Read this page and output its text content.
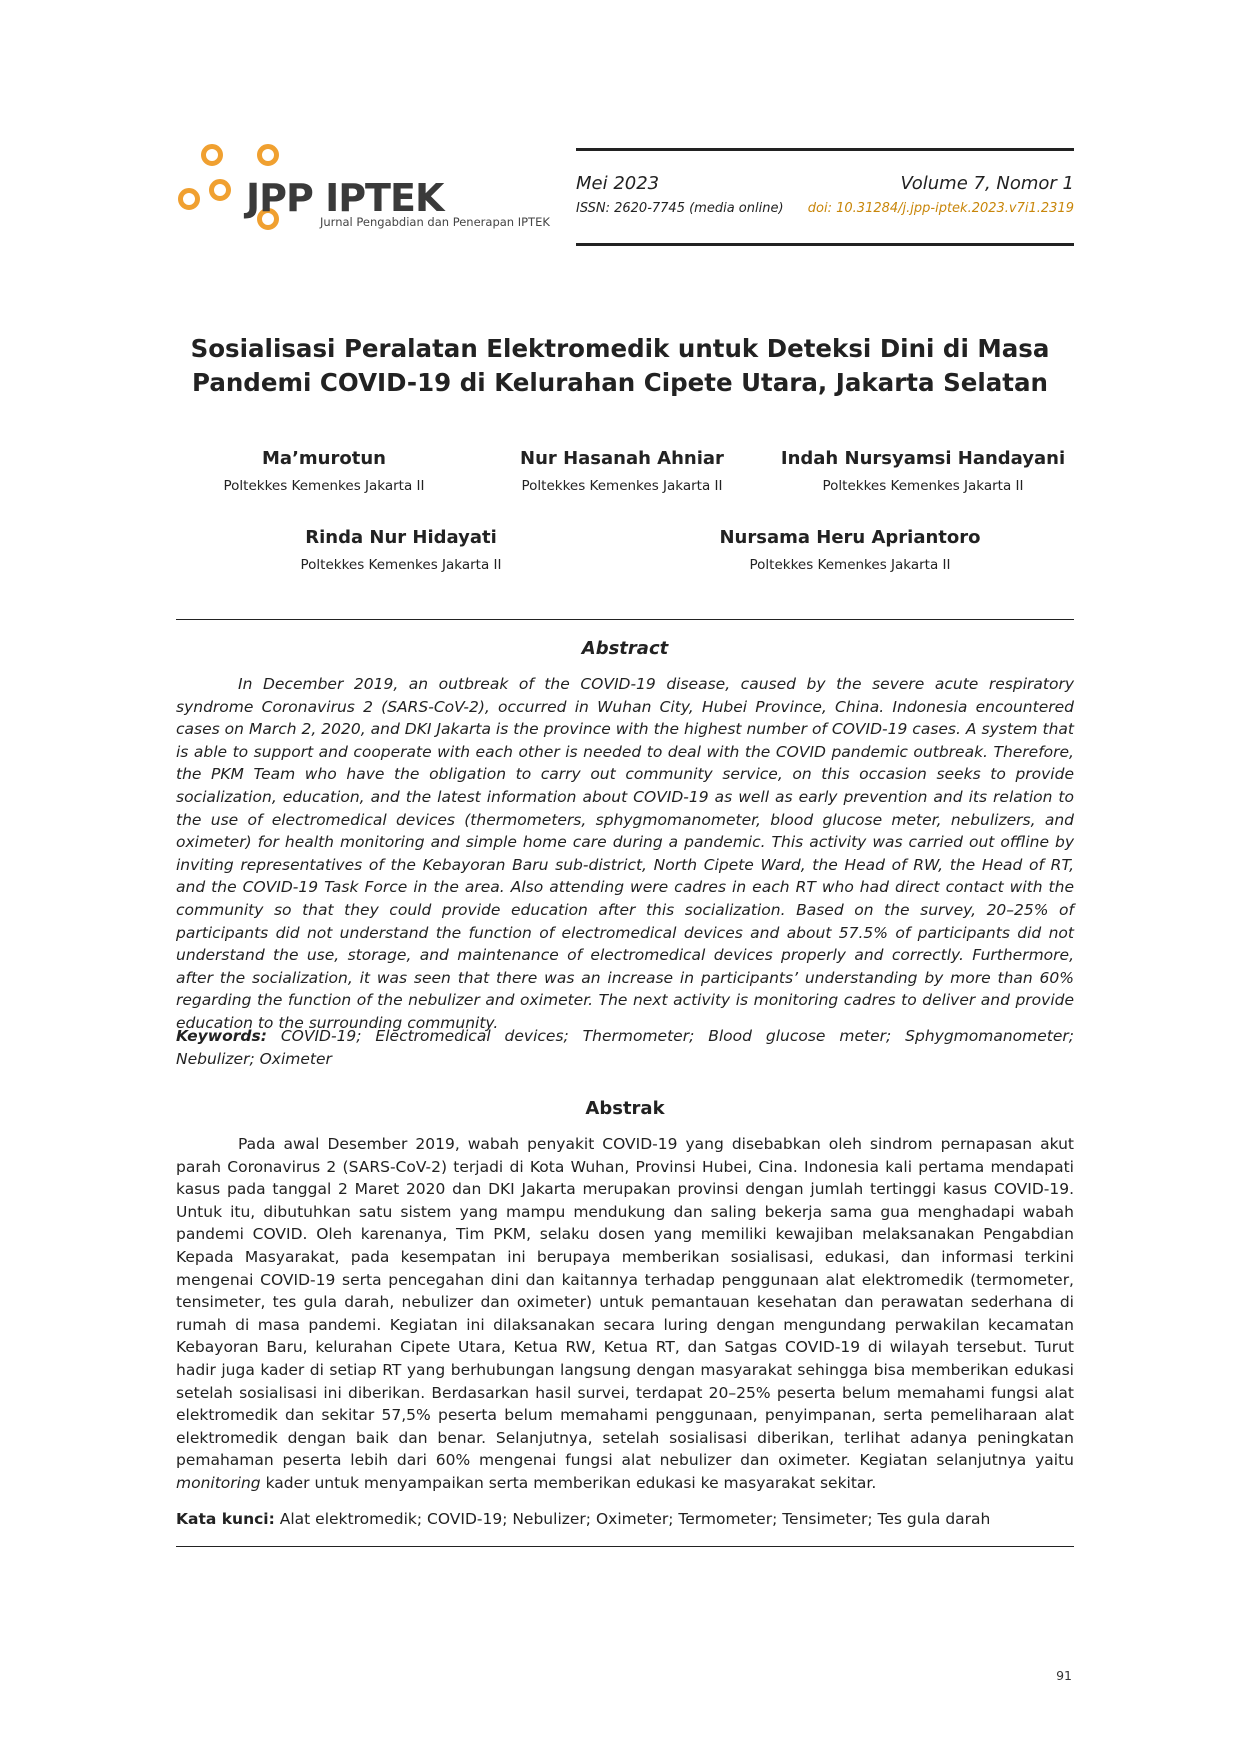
JPP IPTEK
Jurnal Pengabdian dan Penerapan IPTEK
Mei 2023	Volume 7, Nomor 1
ISSN: 2620-7745 (media online) doi: 10.31284/j.jpp-iptek.2023.v7i1.2319
Sosialisasi Peralatan Elektromedik untuk Deteksi Dini di Masa
Pandemi COVID-19 di Kelurahan Cipete Utara, Jakarta Selatan
Ma’murotun
Poltekkes Kemenkes Jakarta II
Nur Hasanah Ahniar
Poltekkes Kemenkes Jakarta II
Indah Nursyamsi Handayani
Poltekkes Kemenkes Jakarta II
Rinda Nur Hidayati
Poltekkes Kemenkes Jakarta II
Nursama Heru Apriantoro
Poltekkes Kemenkes Jakarta II
Abstract

In December 2019, an outbreak of the COVID-19 disease, caused by the severe acute respiratory syndrome Coronavirus 2 (SARS-CoV-2), occurred in Wuhan City, Hubei Province, China. Indonesia encountered cases on March 2, 2020, and DKI Jakarta is the province with the highest number of COVID-19 cases. A system that is able to support and cooperate with each other is needed to deal with the COVID pandemic outbreak. Therefore, the PKM Team who have the obligation to carry out community service, on this occasion seeks to provide socialization, education, and the latest information about COVID-19 as well as early prevention and its relation to the use of electromedical devices (thermometers, sphygmomanometer, blood glucose meter, nebulizers, and oximeter) for health monitoring and simple home care during a pandemic. This activity was carried out offline by inviting representatives of the Kebayoran Baru sub-district, North Cipete Ward, the Head of RW, the Head of RT, and the COVID-19 Task Force in the area. Also attending were cadres in each RT who had direct contact with the community so that they could provide education after this socialization. Based on the survey, 20–25% of participants did not understand the function of electromedical devices and about 57.5% of participants did not understand the use, storage, and maintenance of electromedical devices properly and correctly. Furthermore, after the socialization, it was seen that there was an increase in participants’ understanding by more than 60% regarding the function of the nebulizer and oximeter. The next activity is monitoring cadres to deliver and provide education to the surrounding community.

Keywords: COVID-19; Electromedical devices; Thermometer; Blood glucose meter; Sphygmomanometer; Nebulizer; Oximeter

Abstrak

Pada awal Desember 2019, wabah penyakit COVID-19 yang disebabkan oleh sindrom pernapasan akut parah Coronavirus 2 (SARS-CoV-2) terjadi di Kota Wuhan, Provinsi Hubei, Cina. Indonesia kali pertama mendapati kasus pada tanggal 2 Maret 2020 dan DKI Jakarta merupakan provinsi dengan jumlah tertinggi kasus COVID-19. Untuk itu, dibutuhkan satu sistem yang mampu mendukung dan saling bekerja sama gua menghadapi wabah pandemi COVID. Oleh karenanya, Tim PKM, selaku dosen yang memiliki kewajiban melaksanakan Pengabdian Kepada Masyarakat, pada kesempatan ini berupaya memberikan sosialisasi, edukasi, dan informasi terkini mengenai COVID-19 serta pencegahan dini dan kaitannya terhadap penggunaan alat elektromedik (termometer, tensimeter, tes gula darah, nebulizer dan oximeter) untuk pemantauan kesehatan dan perawatan sederhana di rumah di masa pandemi. Kegiatan ini dilaksanakan secara luring dengan mengundang perwakilan kecamatan Kebayoran Baru, kelurahan Cipete Utara, Ketua RW, Ketua RT, dan Satgas COVID-19 di wilayah tersebut. Turut hadir juga kader di setiap RT yang berhubungan langsung dengan masyarakat sehingga bisa memberikan edukasi setelah sosialisasi ini diberikan. Berdasarkan hasil survei, terdapat 20–25% peserta belum memahami fungsi alat elektromedik dan sekitar 57,5% peserta belum memahami penggunaan, penyimpanan, serta pemeliharaan alat elektromedik dengan baik dan benar. Selanjutnya, setelah sosialisasi diberikan, terlihat adanya peningkatan pemahaman peserta lebih dari 60% mengenai fungsi alat nebulizer dan oximeter. Kegiatan selanjutnya yaitu monitoring kader untuk menyampaikan serta memberikan edukasi ke masyarakat sekitar.

Kata kunci: Alat elektromedik; COVID-19; Nebulizer; Oximeter; Termometer; Tensimeter; Tes gula darah

91
